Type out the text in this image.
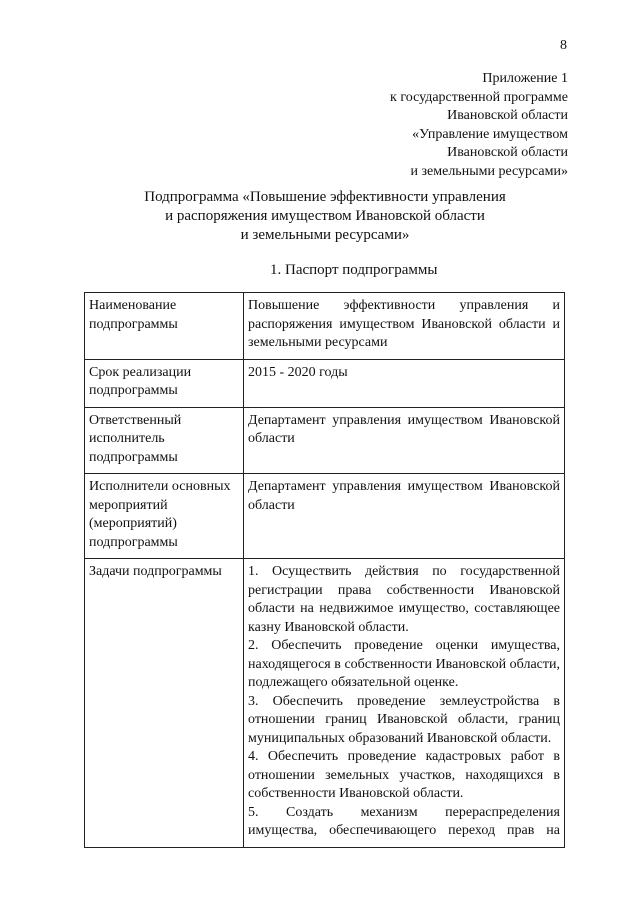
8
Приложение 1
к государственной программе
Ивановской области
«Управление имуществом
Ивановской области
и земельными ресурсами»
Подпрограмма «Повышение эффективности управления
и распоряжения имуществом Ивановской области
и земельными ресурсами»
1. Паспорт подпрограммы
Наименование подпрограммы	Повышение эффективности управления и распоряжения имуществом Ивановской области и земельными ресурсами
Срок реализации подпрограммы	2015 - 2020 годы
Ответственный исполнитель подпрограммы	Департамент управления имуществом Ивановской области
Исполнители основных мероприятий (мероприятий) подпрограммы	Департамент управления имуществом Ивановской области
Задачи подпрограммы	1. Осуществить действия по государственной регистрации права собственности Ивановской области на недвижимое имущество, составляющее казну Ивановской области.
2. Обеспечить проведение оценки имущества, находящегося в собственности Ивановской области, подлежащего обязательной оценке.
3. Обеспечить проведение землеустройства в отношении границ Ивановской области, границ муниципальных образований Ивановской области.
4. Обеспечить проведение кадастровых работ в отношении земельных участков, находящихся в собственности Ивановской области.
5. Создать механизм перераспределения имущества, обеспечивающего переход прав на
